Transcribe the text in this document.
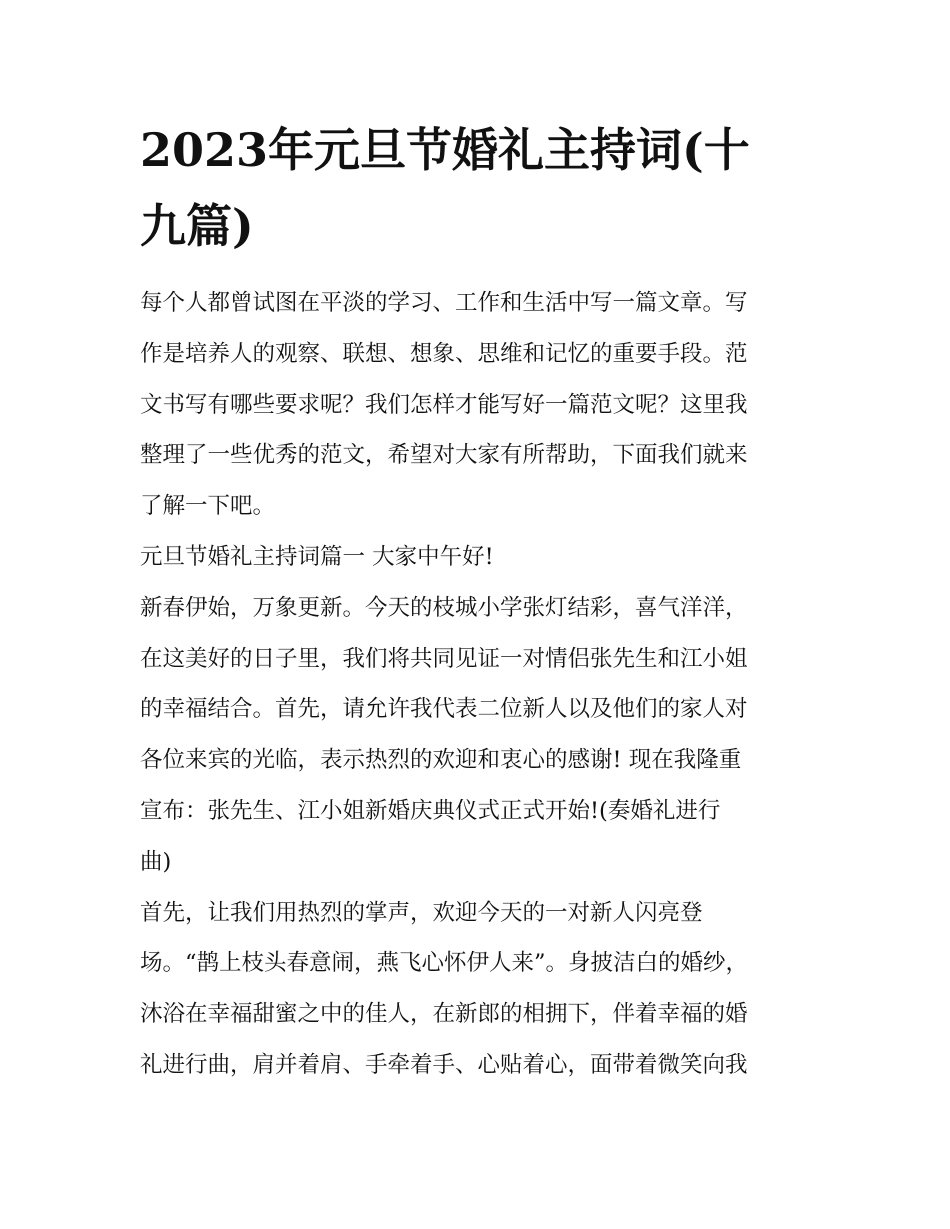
2023年元旦节婚礼主持词(十
九篇)

每个人都曾试图在平淡的学习、工作和生活中写一篇文章。写

作是培养人的观察、联想、想象、思维和记忆的重要手段。范

文书写有哪些要求呢？我们怎样才能写好一篇范文呢？这里我

整理了一些优秀的范文，希望对大家有所帮助，下面我们就来

了解一下吧。

元旦节婚礼主持词篇一 大家中午好!

新春伊始，万象更新。今天的枝城小学张灯结彩，喜气洋洋，

在这美好的日子里，我们将共同见证一对情侣张先生和江小姐

的幸福结合。首先，请允许我代表二位新人以及他们的家人对

各位来宾的光临，表示热烈的欢迎和衷心的感谢! 现在我隆重

宣布：张先生、江小姐新婚庆典仪式正式开始!(奏婚礼进行

曲)

首先，让我们用热烈的掌声，欢迎今天的一对新人闪亮登

场。“鹊上枝头春意闹，燕飞心怀伊人来”。身披洁白的婚纱，

沐浴在幸福甜蜜之中的佳人，在新郎的相拥下，伴着幸福的婚

礼进行曲，肩并着肩、手牵着手、心贴着心，面带着微笑向我
